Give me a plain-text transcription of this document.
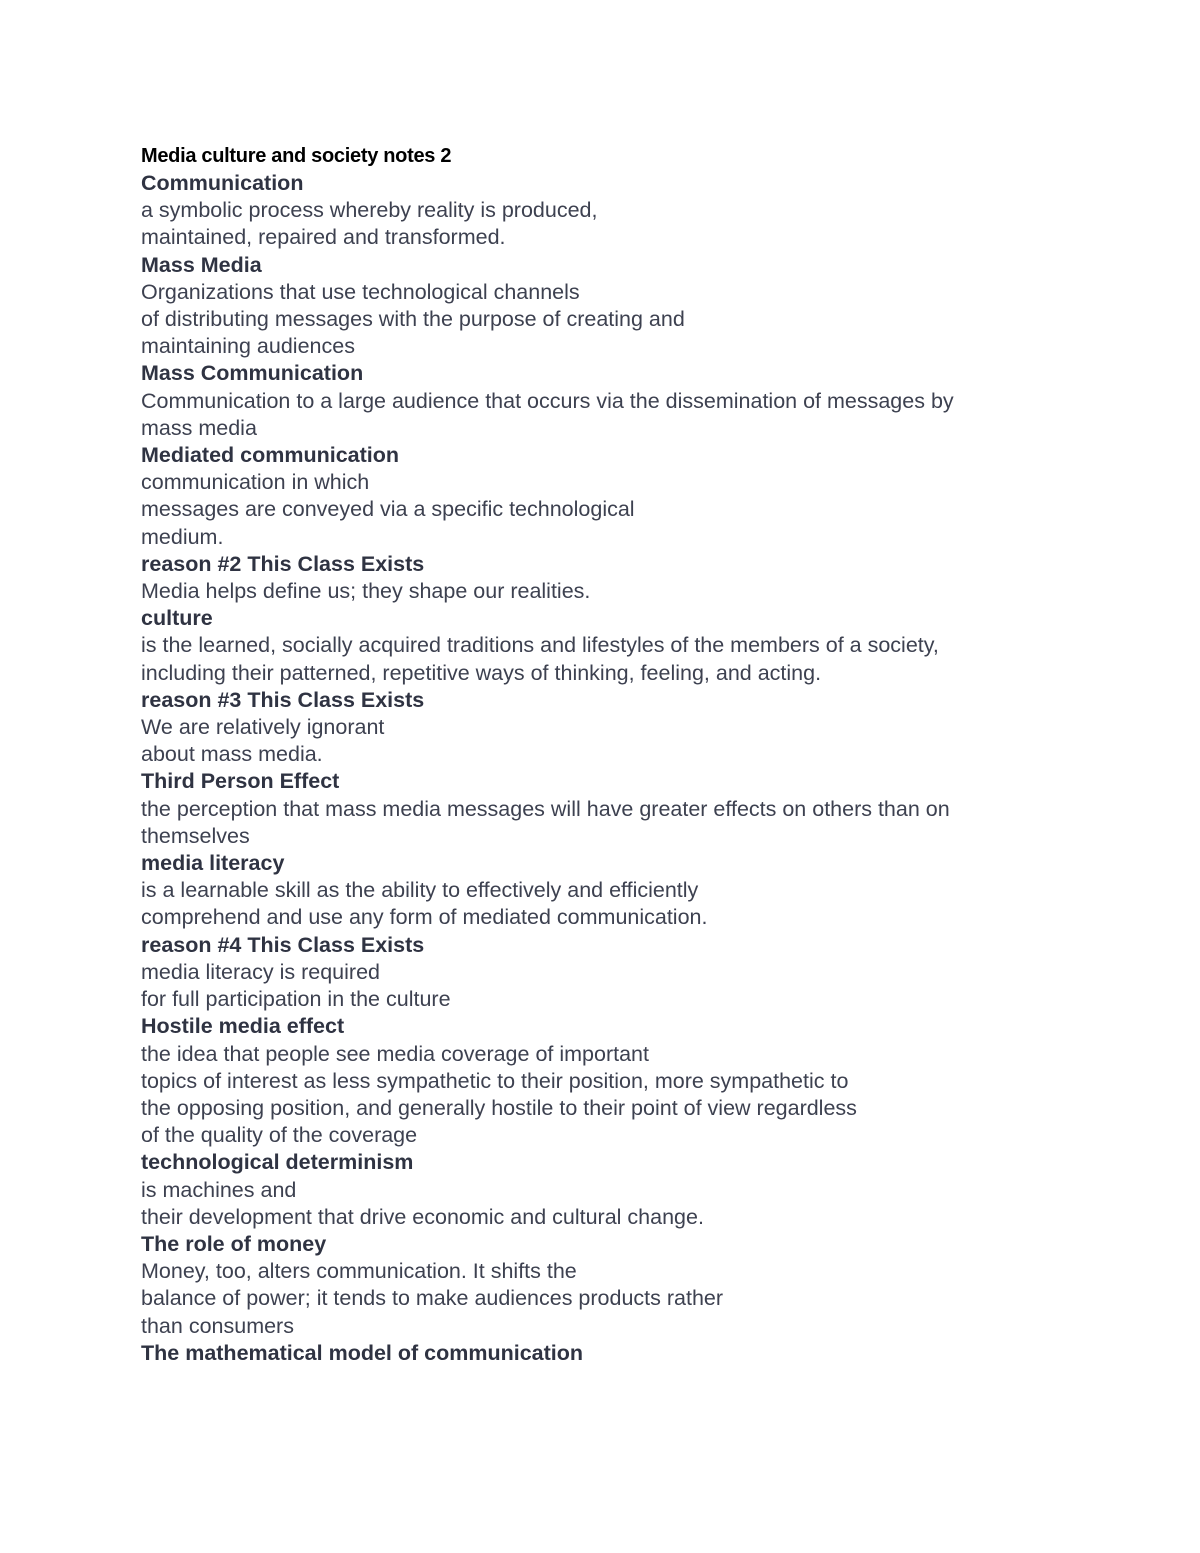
Media culture and society notes 2
Communication
a symbolic process whereby reality is produced,
maintained, repaired and transformed.
Mass Media
Organizations that use technological channels
of distributing messages with the purpose of creating and
maintaining audiences
Mass Communication
Communication to a large audience that occurs via the dissemination of messages by
mass media
Mediated communication
communication in which
messages are conveyed via a specific technological
medium.
reason #2 This Class Exists
Media helps define us; they shape our realities.
culture
is the learned, socially acquired traditions and lifestyles of the members of a society,
including their patterned, repetitive ways of thinking, feeling, and acting.
reason #3 This Class Exists
We are relatively ignorant
about mass media.
Third Person Effect
the perception that mass media messages will have greater effects on others than on
themselves
media literacy
is a learnable skill as the ability to effectively and efficiently
comprehend and use any form of mediated communication.
reason #4 This Class Exists
media literacy is required
for full participation in the culture
Hostile media effect
the idea that people see media coverage of important
topics of interest as less sympathetic to their position, more sympathetic to
the opposing position, and generally hostile to their point of view regardless
of the quality of the coverage
technological determinism
is machines and
their development that drive economic and cultural change.
The role of money
Money, too, alters communication. It shifts the
balance of power; it tends to make audiences products rather
than consumers
The mathematical model of communication
